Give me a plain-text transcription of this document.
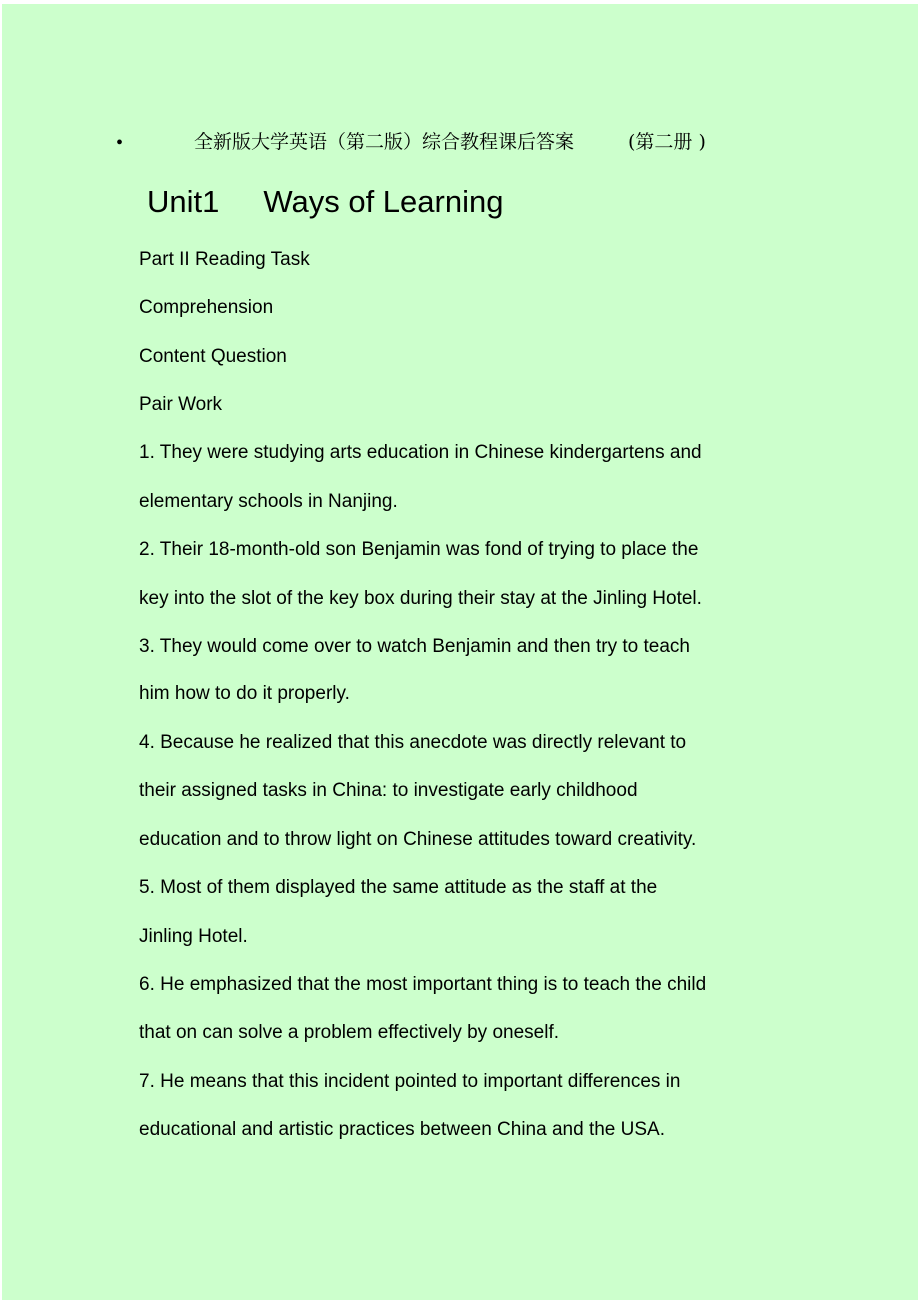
•	全新版大学英语（第二版）综合教程课后答案	(第二册 )
Unit1 Ways of Learning
Part II Reading Task
Comprehension
Content Question
Pair Work
1. They were studying arts education in Chinese kindergartens and
elementary schools in Nanjing.
2. Their 18-month-old son Benjamin was fond of trying to place the
key into the slot of the key box during their stay at the Jinling Hotel.
3. They would come over to watch Benjamin and then try to teach
him how to do it properly.
4. Because he realized that this anecdote was directly relevant to
their assigned tasks in China: to investigate early childhood
education and to throw light on Chinese attitudes toward creativity.
5. Most of them displayed the same attitude as the staff at the
Jinling Hotel.
6. He emphasized that the most important thing is to teach the child
that on can solve a problem effectively by oneself.
7. He means that this incident pointed to important differences in
educational and artistic practices between China and the USA.
